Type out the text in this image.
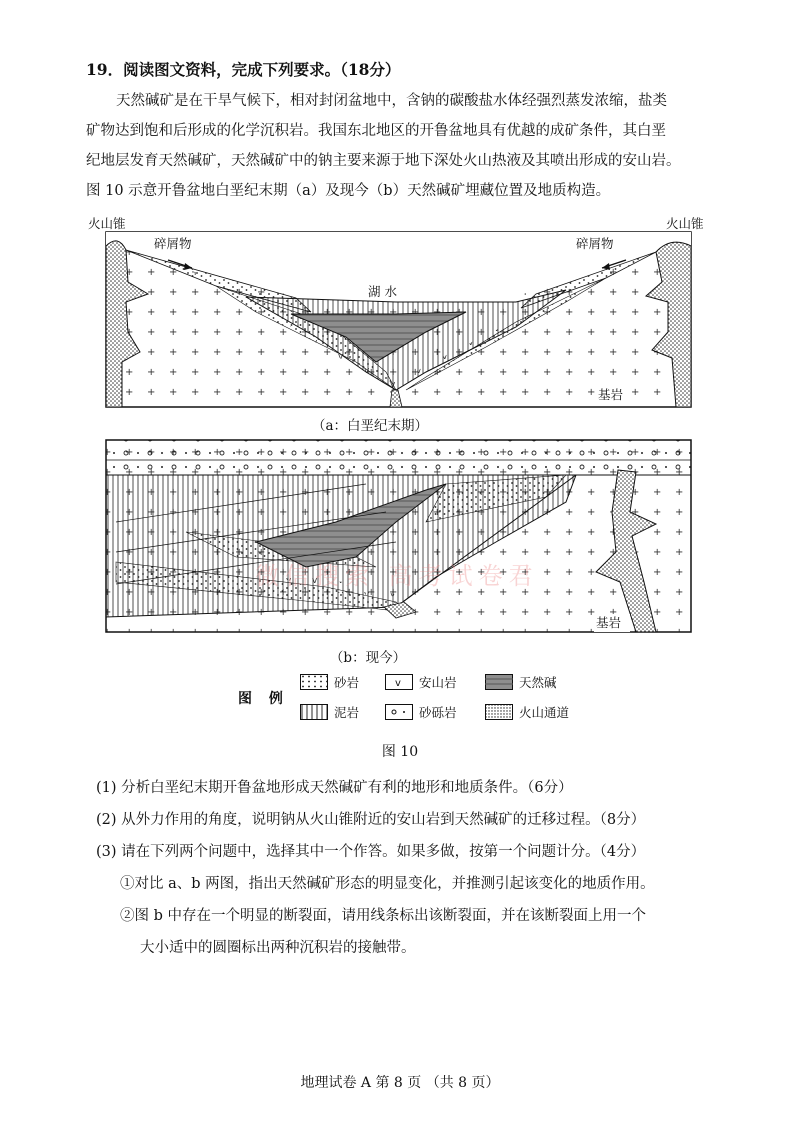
19．阅读图文资料，完成下列要求。（18分）

天然碱矿是在干旱气候下，相对封闭盆地中，含钠的碳酸盐水体经强烈蒸发浓缩，盐类

矿物达到饱和后形成的化学沉积岩。我国东北地区的开鲁盆地具有优越的成矿条件，其白垩
纪地层发育天然碱矿，天然碱矿中的钠主要来源于地下深处火山热液及其喷出形成的安山岩。
图 10 示意开鲁盆地白垩纪末期（a）及现今（b）天然碱矿埋藏位置及地质构造。
火山锥	火山锥
碎屑物	碎屑物
湖 水
基岩
基岩
（a：白垩纪末期）
（b：现今）
图 例
砂岩	v 安山岩	天然碱
泥岩	砂砾岩	火山通道
图 10
微信搜索 高考试卷君
(1) 分析白垩纪末期开鲁盆地形成天然碱矿有利的地形和地质条件。（6分）
(2) 从外力作用的角度，说明钠从火山锥附近的安山岩到天然碱矿的迁移过程。（8分）
(3) 请在下列两个问题中，选择其中一个作答。如果多做，按第一个问题计分。（4分）
①对比 a、b 两图，指出天然碱矿形态的明显变化，并推测引起该变化的地质作用。
②图 b 中存在一个明显的断裂面，请用线条标出该断裂面，并在该断裂面上用一个
大小适中的圆圈标出两种沉积岩的接触带。
地理试卷 A 第 8 页 （共 8 页）
